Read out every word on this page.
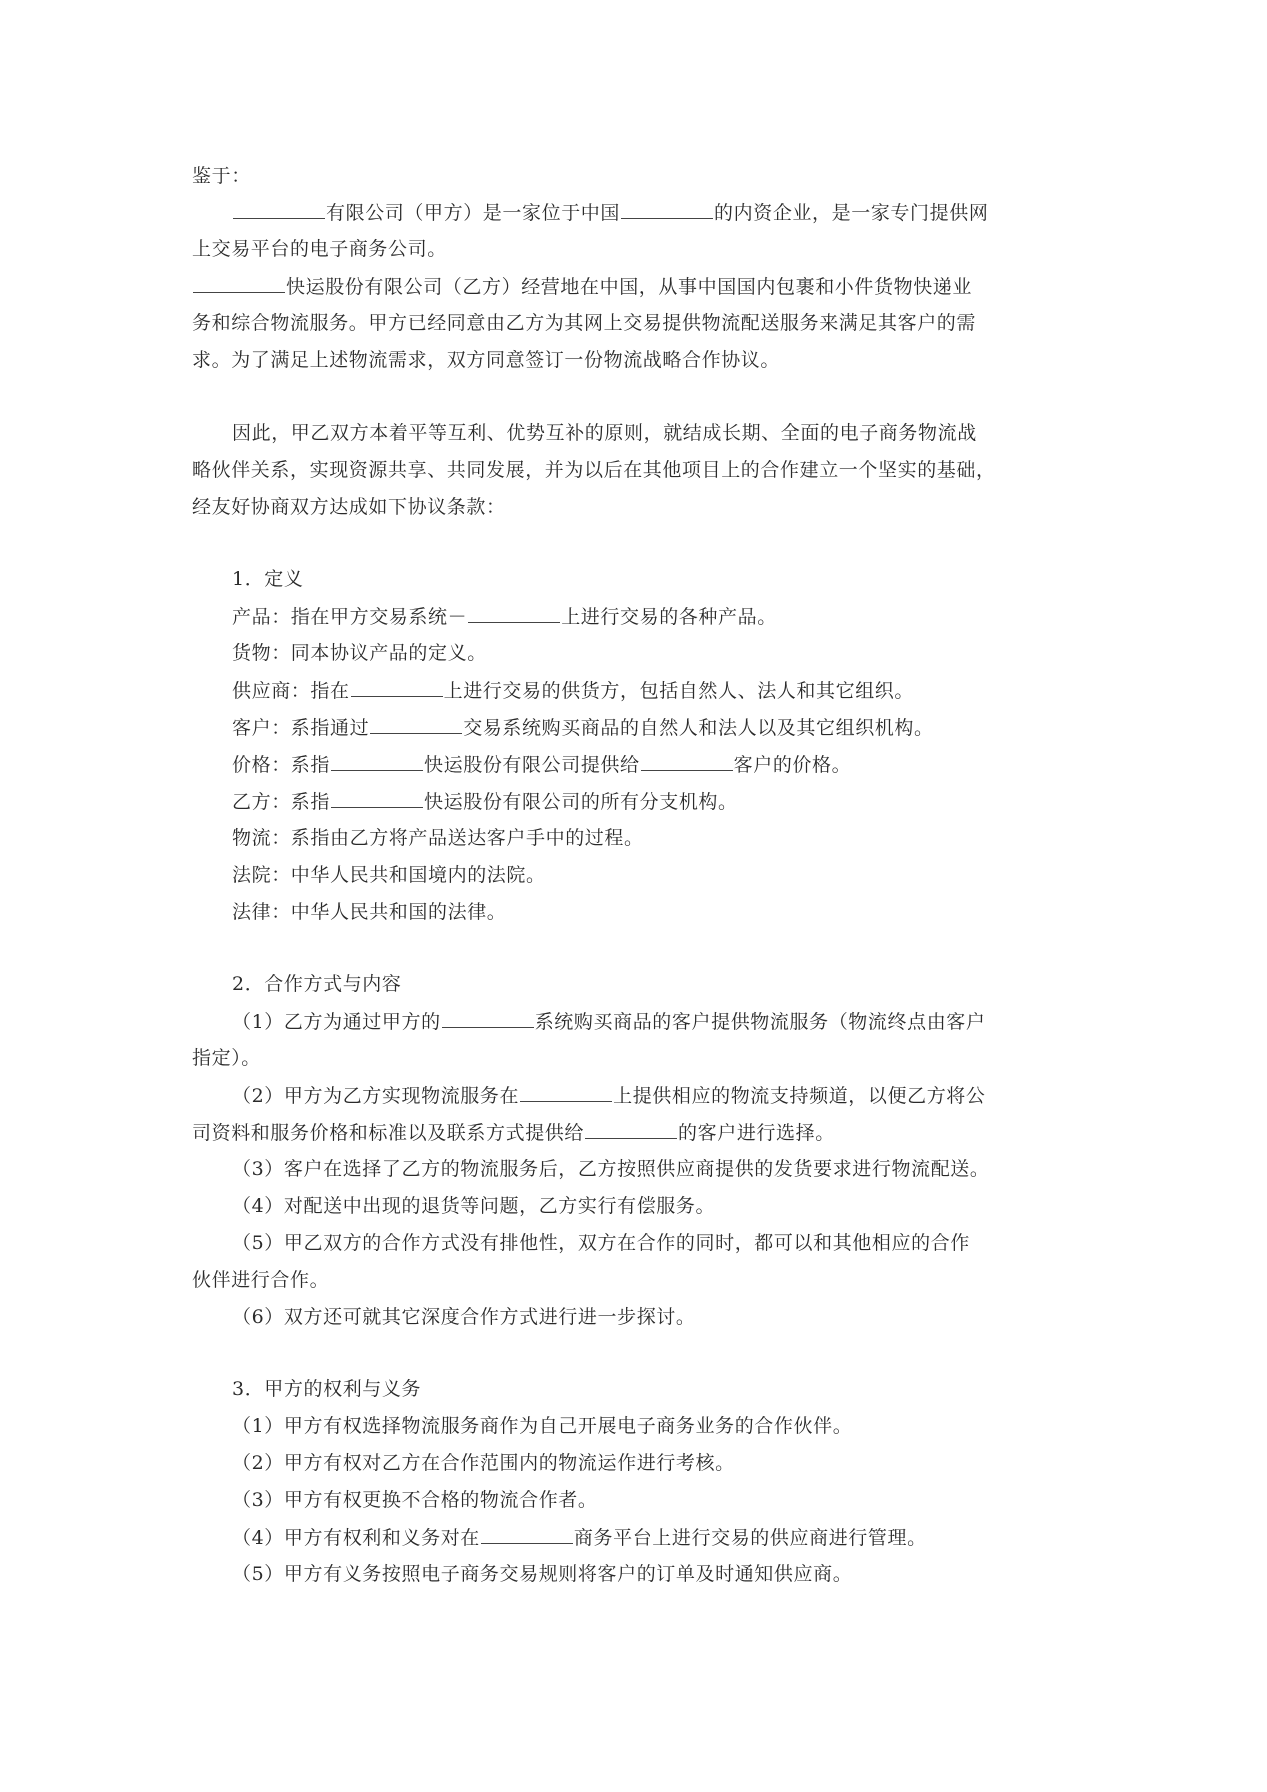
鉴于：
有限公司（甲方）是一家位于中国	的内资企业，是一家专门提供网
上交易平台的电子商务公司。
快运股份有限公司（乙方）经营地在中国，从事中国国内包裹和小件货物快递业
务和综合物流服务。甲方已经同意由乙方为其网上交易提供物流配送服务来满足其客户的需
求。为了满足上述物流需求，双方同意签订一份物流战略合作协议。
因此，甲乙双方本着平等互利、优势互补的原则，就结成长期、全面的电子商务物流战
略伙伴关系，实现资源共享、共同发展，并为以后在其他项目上的合作建立一个坚实的基础，
经友好协商双方达成如下协议条款：
1．定义
产品：指在甲方交易系统－	上进行交易的各种产品。
货物：同本协议产品的定义。
供应商：指在	上进行交易的供货方，包括自然人、法人和其它组织。
客户：系指通过	交易系统购买商品的自然人和法人以及其它组织机构。
价格：系指	快运股份有限公司提供给	客户的价格。
乙方：系指	快运股份有限公司的所有分支机构。
物流：系指由乙方将产品送达客户手中的过程。
法院：中华人民共和国境内的法院。
法律：中华人民共和国的法律。
2．合作方式与内容
（1）乙方为通过甲方的	系统购买商品的客户提供物流服务（物流终点由客户
指定）。
（2）甲方为乙方实现物流服务在	上提供相应的物流支持频道，以便乙方将公
司资料和服务价格和标准以及联系方式提供给	的客户进行选择。
（3）客户在选择了乙方的物流服务后，乙方按照供应商提供的发货要求进行物流配送。
（4）对配送中出现的退货等问题，乙方实行有偿服务。
（5）甲乙双方的合作方式没有排他性，双方在合作的同时，都可以和其他相应的合作
伙伴进行合作。
（6）双方还可就其它深度合作方式进行进一步探讨。
3．甲方的权利与义务
（1）甲方有权选择物流服务商作为自己开展电子商务业务的合作伙伴。
（2）甲方有权对乙方在合作范围内的物流运作进行考核。
（3）甲方有权更换不合格的物流合作者。
（4）甲方有权利和义务对在	商务平台上进行交易的供应商进行管理。
（5）甲方有义务按照电子商务交易规则将客户的订单及时通知供应商。
